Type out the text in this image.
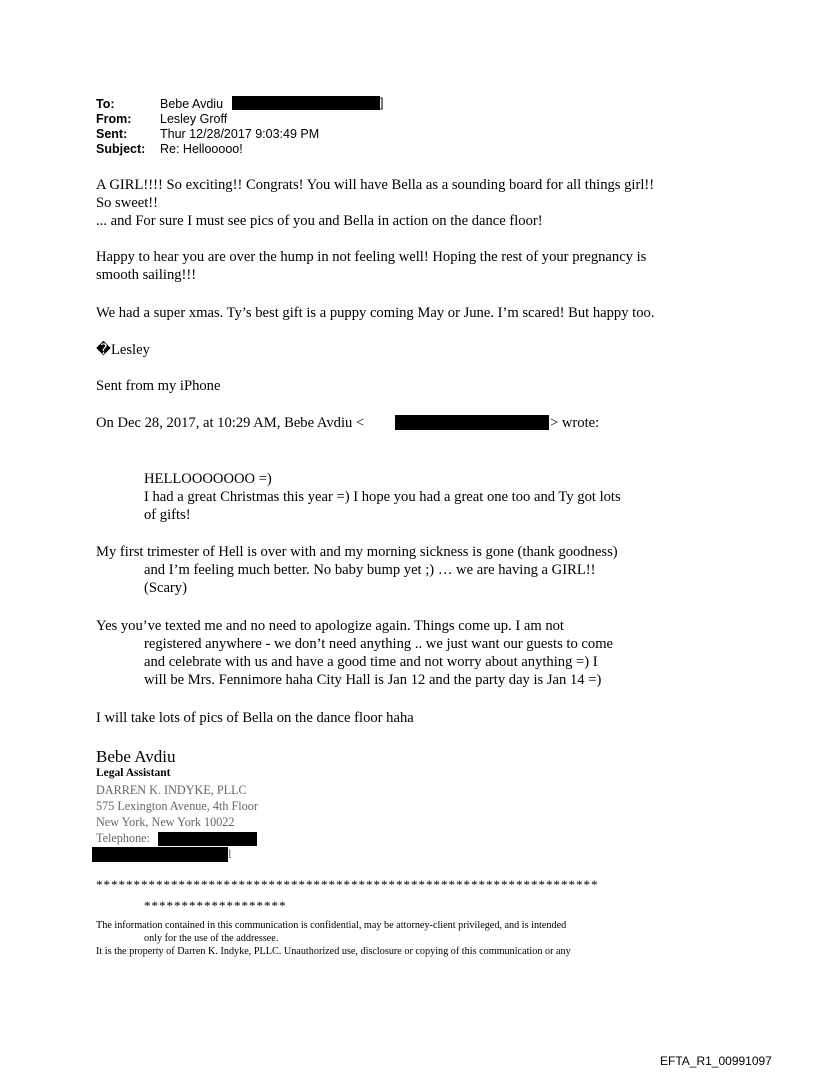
To:	Bebe Avdiu
From: Lesley Groff
Sent:	Thur 12/28/2017 9:03:49 PM
Subject: Re: Hellooooo!
]
A GIRL!!!! So exciting!! Congrats! You will have Bella as a sounding board for all things girl!!
So sweet!!
... and For sure I must see pics of you and Bella in action on the dance floor!
Happy to hear you are over the hump in not feeling well! Hoping the rest of your pregnancy is
smooth sailing!!!
We had a super xmas. Ty’s best gift is a puppy coming May or June. I’m scared! But happy too.
�Lesley
Sent from my iPhone
On Dec 28, 2017, at 10:29 AM, Bebe Avdiu <	> wrote:
HELLOOOOOOO =)
I had a great Christmas this year =) I hope you had a great one too and Ty got lots
of gifts!
My first trimester of Hell is over with and my morning sickness is gone (thank goodness)
and I’m feeling much better. No baby bump yet ;) … we are having a GIRL!!
(Scary)
Yes you’ve texted me and no need to apologize again. Things come up. I am not
registered anywhere - we don’t need anything .. we just want our guests to come
and celebrate with us and have a good time and not worry about anything =) I
will be Mrs. Fennimore haha City Hall is Jan 12 and the party day is Jan 14 =)
I will take lots of pics of Bella on the dance floor haha
Bebe Avdiu
Legal Assistant
DARREN K. INDYKE, PLLC
575 Lexington Avenue, 4th Floor
New York, New York 10022
Telephone:
l
*******************************************************************
*******************
The information contained in this communication is confidential, may be attorney-client privileged, and is intended
only for the use of the addressee.
It is the property of Darren K. Indyke, PLLC. Unauthorized use, disclosure or copying of this communication or any
EFTA_R1_00991097
